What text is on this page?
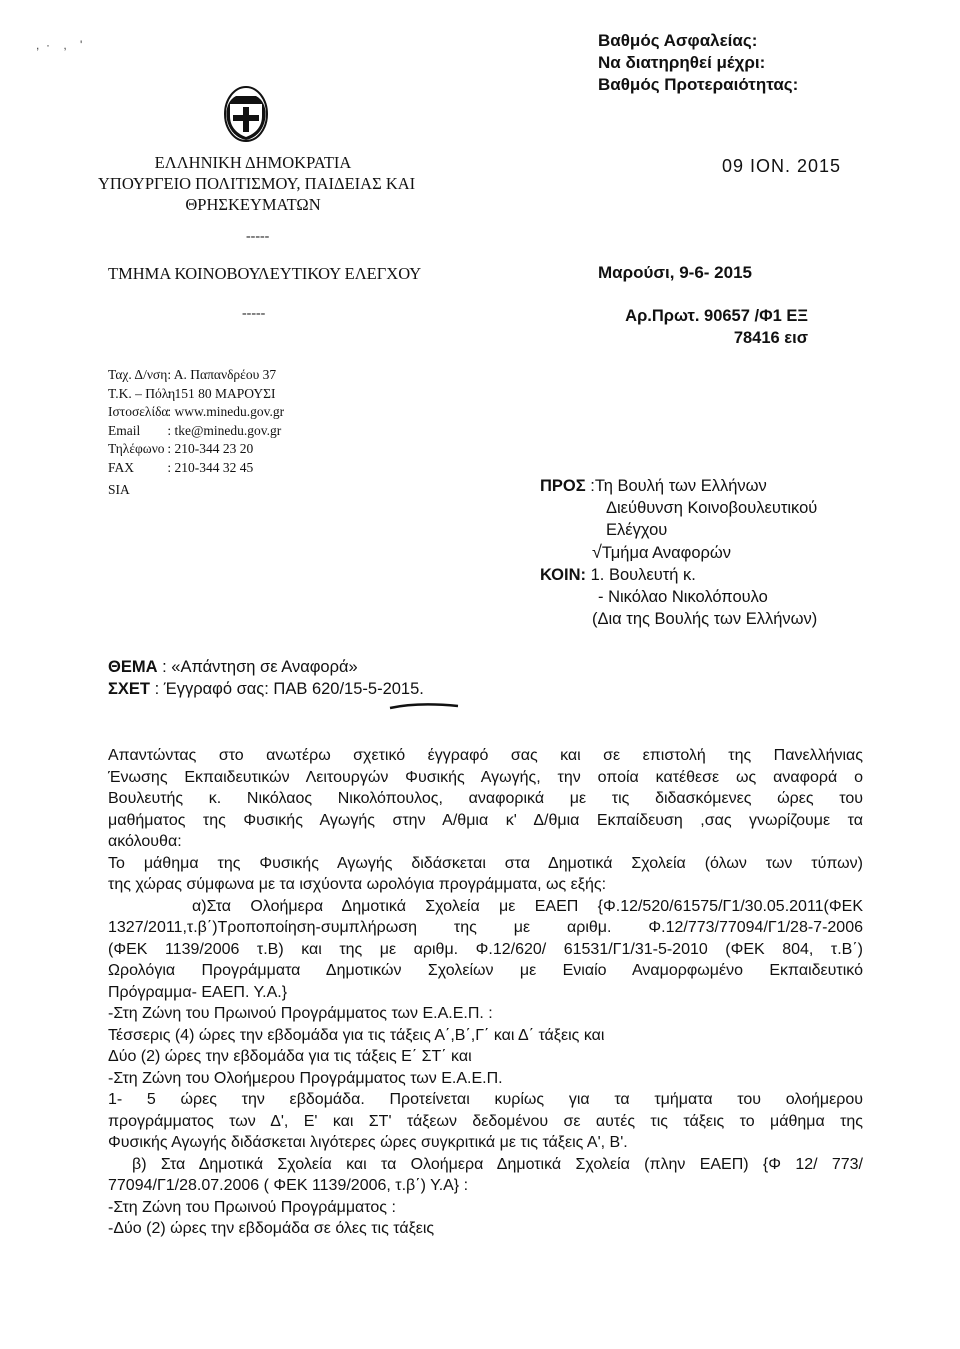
,  ·    ,    '	Βαθμός Ασφαλείας:
Να διατηρηθεί μέχρι:
Βαθμός Προτεραιότητας:
ΕΛΛΗΝΙΚΗ ΔΗΜΟΚΡΑΤΙΑ
ΥΠΟΥΡΓΕΙΟ ΠΟΛΙΤΙΣΜΟΥ, ΠΑΙΔΕΙΑΣ ΚΑΙ
ΘΡΗΣΚΕΥΜΑΤΩΝ
-----
ΤΜΗΜΑ ΚΟΙΝΟΒΟΥΛΕΥΤΙΚΟΥ ΕΛΕΓΧΟΥ
-----
09 ΙΟΝ. 2015
Μαρούσι, 9-6- 2015
Αρ.Πρωτ. 90657 /Φ1 ΕΞ
78416 εισ
Ταχ. Δ/νση : Α. Παπανδρέου 37
Τ.Κ. – Πόλη : 151 80 ΜΑΡΟΥΣΙ
Ιστοσελίδα : www.minedu.gov.gr
Email : tke@minedu.gov.gr
Τηλέφωνο : 210-344 23 20
FAX : 210-344 32 45
SIA	ΠΡΟΣ :Τη Βουλή των Ελλήνων
Διεύθυνση Κοινοβουλευτικού
Ελέγχου
√Τμήμα Αναφορών
ΚΟΙΝ: 1. Βουλευτή κ.
- Νικόλαο Νικολόπουλο
(Δια της Βουλής των Ελλήνων)
ΘΕΜΑ : «Απάντηση σε Αναφορά»
ΣΧΕΤ : Έγγραφό σας: ΠΑΒ 620/15-5-2015.
Απαντώντας στο ανωτέρω σχετικό έγγραφό σας και σε επιστολή της Πανελλήνιας
Ένωσης Εκπαιδευτικών Λειτουργών Φυσικής Αγωγής, την οποία κατέθεσε ως αναφορά ο
Βουλευτής κ. Νικόλαος Νικολόπουλος, αναφορικά με τις διδασκόμενες ώρες του
μαθήματος της Φυσικής Αγωγής στην Α/θμια κ' Δ/θμια Εκπαίδευση ,σας γνωρίζουμε τα
ακόλουθα:
Το μάθημα της Φυσικής Αγωγής διδάσκεται στα Δημοτικά Σχολεία (όλων των τύπων)
της χώρας σύμφωνα με τα ισχύοντα ωρολόγια προγράμματα, ως εξής:
α)Στα Ολοήμερα Δημοτικά Σχολεία με ΕΑΕΠ {Φ.12/520/61575/Γ1/30.05.2011(ΦΕΚ
1327/2011,τ.β΄)Τροποποίηση-συμπλήρωση της με αριθμ. Φ.12/773/77094/Γ1/28-7-2006
(ΦΕΚ 1139/2006 τ.Β) και της με αριθμ. Φ.12/620/ 61531/Γ1/31-5-2010 (ΦΕΚ 804, τ.Β΄)
Ωρολόγια Προγράμματα Δημοτικών Σχολείων με Ενιαίο Αναμορφωμένο Εκπαιδευτικό
Πρόγραμμα- ΕΑΕΠ. Υ.Α.}
-Στη Ζώνη του Πρωινού Προγράμματος των Ε.Α.Ε.Π. :
Τέσσερις (4) ώρες την εβδομάδα για τις τάξεις Α΄,Β΄,Γ΄ και Δ΄ τάξεις και
Δύο (2) ώρες την εβδομάδα για τις τάξεις Ε΄ ΣΤ΄ και
-Στη Ζώνη του Ολοήμερου Προγράμματος των Ε.Α.Ε.Π.
1- 5 ώρες την εβδομάδα. Προτείνεται κυρίως για τα τμήματα του ολοήμερου
προγράμματος των Δ', Ε' και ΣΤ' τάξεων δεδομένου σε αυτές τις τάξεις το μάθημα της
Φυσικής Αγωγής διδάσκεται λιγότερες ώρες συγκριτικά με τις τάξεις Α', Β'.
β) Στα Δημοτικά Σχολεία και τα Ολοήμερα Δημοτικά Σχολεία (πλην ΕΑΕΠ) {Φ 12/ 773/
77094/Γ1/28.07.2006 ( ΦΕΚ 1139/2006, τ.β΄) Υ.Α} :
-Στη Ζώνη του Πρωινού Προγράμματος :
-Δύο (2) ώρες την εβδομάδα σε όλες τις τάξεις
